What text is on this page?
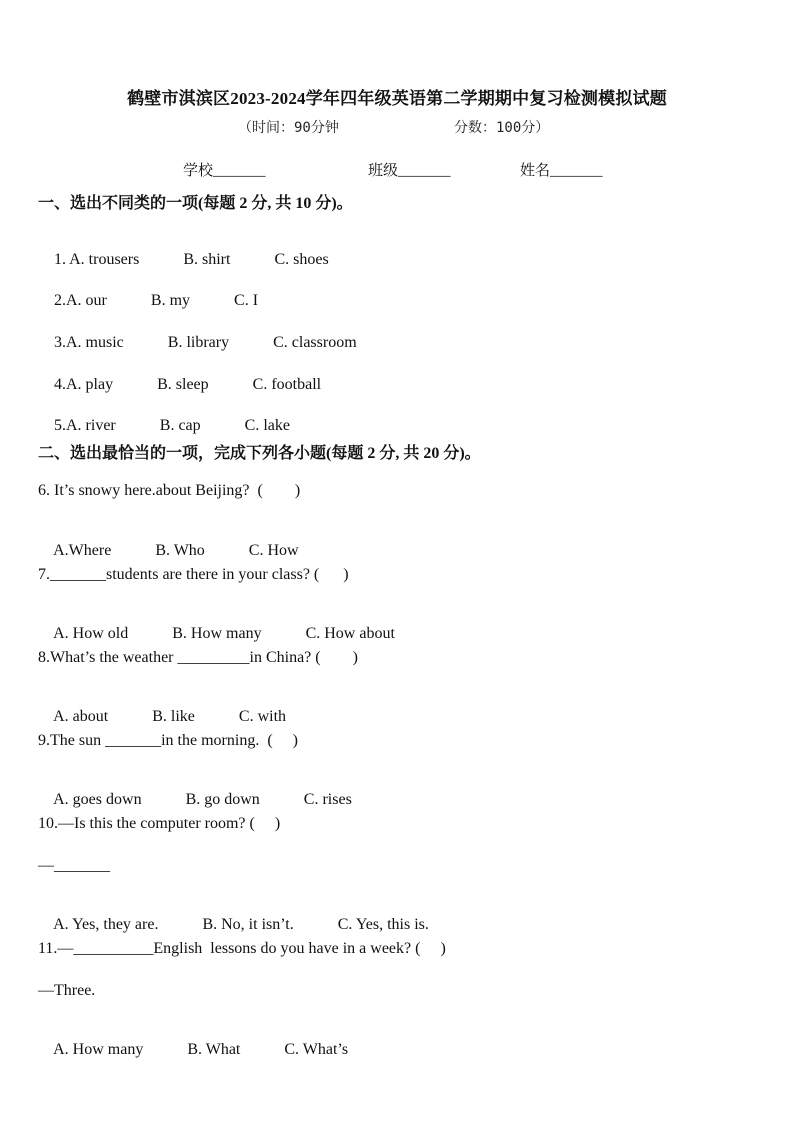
鹤壁市淇滨区2023-2024学年四年级英语第二学期期中复习检测模拟试题
（时间：90分钟	分数：100分）
学校_______	班级_______	姓名_______
一、选出不同类的一项(每题 2 分, 共 10 分)。

1. A. trousers	B. shirt	C. shoes

2.A. our	B. my	C. I

3.A. music	B. library	C. classroom

4.A. play	B. sleep	C. football

5.A. river	B. cap	C. lake

二、选出最恰当的一项，完成下列各小题(每题 2 分, 共 20 分)。
6. It’s snowy here.about Beijing?  (        )

A.Where	B. Who	C. How

7._______students are there in your class? (      )

A. How old	B. How many	C. How about

8.What’s the weather _________in China? (        )

A. about	B. like	C. with

9.The sun _______in the morning.  (     )

A. goes down	B. go down	C. rises

10.—Is this the computer room? (     )
—_______

A. Yes, they are.	B. No, it isn’t.	C. Yes, this is.

11.—__________English  lessons do you have in a week? (     )
—Three.

A. How many	B. What	C. What’s
